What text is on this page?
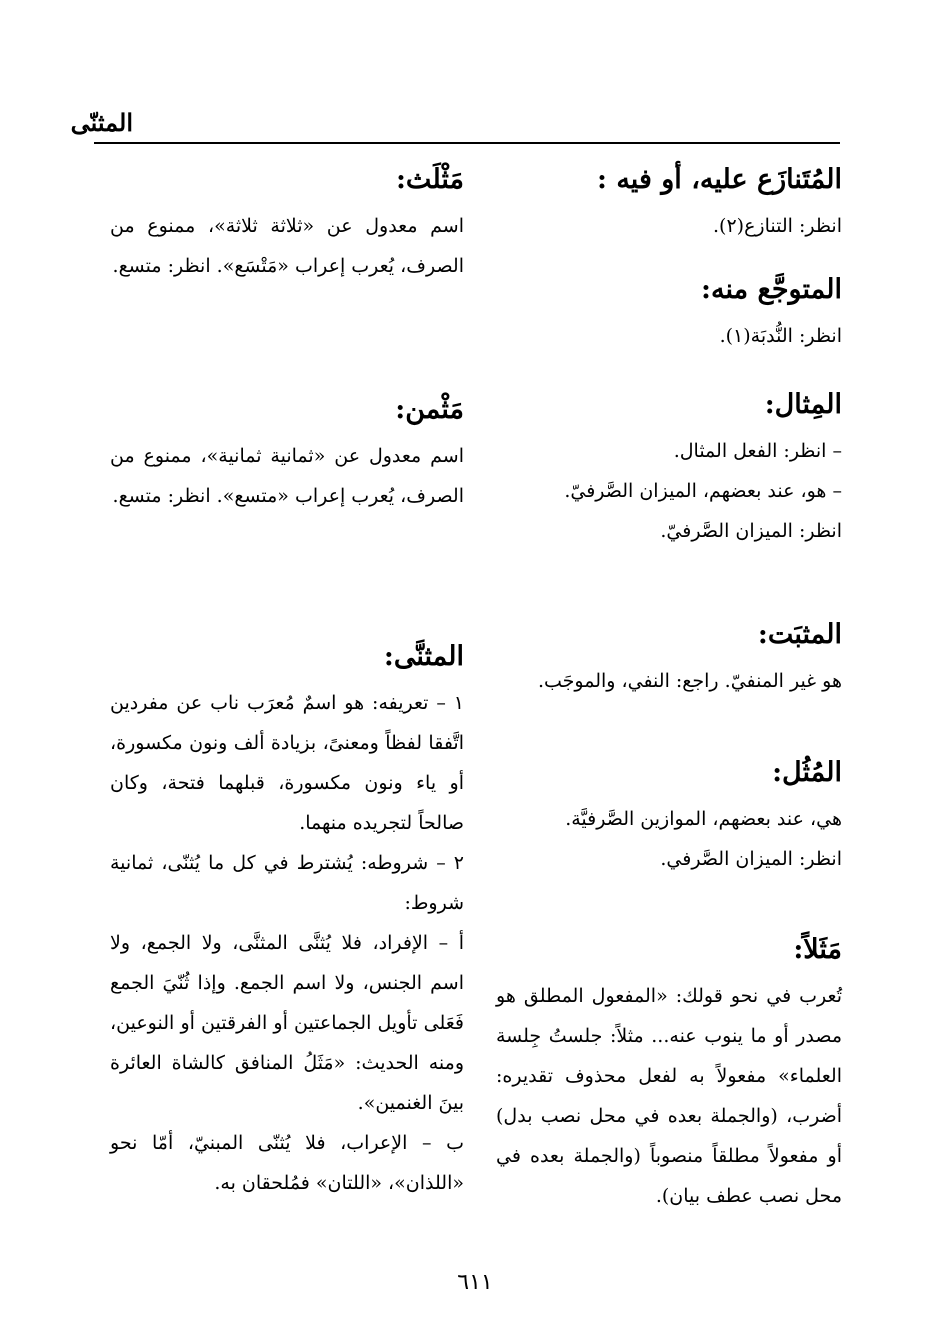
المثنّى
المُتَنازَع عليه، أو فيه :

انظر: التنازع(٢).

المتوجَّع منه:

انظر: النُّدبَة(١).

المِثال:

– انظر: الفعل المثال.

– هو، عند بعضهم، الميزان الصَّرفيّ.

انظر: الميزان الصَّرفيّ.

المثبَت:

هو غير المنفيّ. راجع: النفي، والموجَب.

المُثُل:

هي، عند بعضهم، الموازين الصَّرفيَّة.

انظر: الميزان الصَّرفي.

مَثَلاً:

تُعرب في نحو قولك: «المفعول المطلق هو مصدر أو ما ينوب عنه... مثلاً: جلستُ جِلسة العلماء» مفعولاً به لفعل محذوف تقديره: أضرب، (والجملة بعده في محل نصب بدل) أو مفعولاً مطلقاً منصوباً (والجملة بعده في محل نصب عطف بيان).

مَثْلَث:

اسم معدول عن «ثلاثة ثلاثة»، ممنوع من الصرف، يُعرب إعراب «مَتْسَع». انظر: متسع.

مَثْمن:

اسم معدول عن «ثمانية ثمانية»، ممنوع من الصرف، يُعرب إعراب «متسع». انظر: متسع.

المثنَّى:

١ – تعريفه: هو اسمٌ مُعرَب ناب عن مفردين اتَّفقا لفظاً ومعنىً، بزيادة ألف ونون مكسورة، أو ياء ونون مكسورة، قبلهما فتحة، وكان صالحاً لتجريده منهما.

٢ – شروطه: يُشترط في كل ما يُثنّى، ثمانية شروط:

أ – الإفراد، فلا يُثنَّى المثنَّى، ولا الجمع، ولا اسم الجنس، ولا اسم الجمع. وإذا ثُنّيَ الجمع فَعَلى تأويل الجماعتين أو الفرقتين أو النوعين، ومنه الحديث: «مَثَلُ المنافق كالشاة العائرة بينَ الغنمين».

ب – الإعراب، فلا يُثنّى المبنيّ، أمّا نحو «اللذان»، «اللتان» فمُلحقان به.

٦١١
